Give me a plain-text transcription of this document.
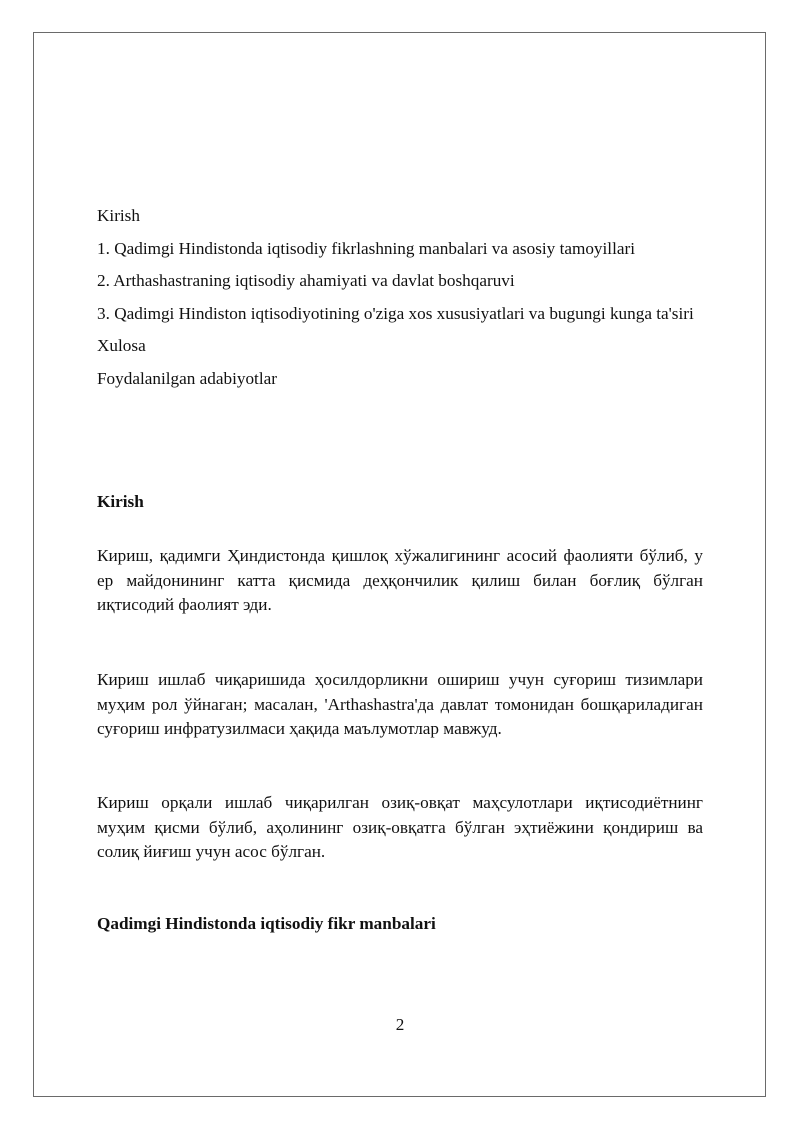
Kirish

1. Qadimgi Hindistonda iqtisodiy fikrlashning manbalari va asosiy tamoyillari

2. Arthashastraning iqtisodiy ahamiyati va davlat boshqaruvi

3. Qadimgi Hindiston iqtisodiyotining o'ziga xos xususiyatlari va bugungi kunga ta'siri

Xulosa

Foydalanilgan adabiyotlar

Kirish

Кириш, қадимги Ҳиндистонда қишлоқ хўжалигининг асосий фаолияти бўлиб, у ер майдонининг катта қисмида деҳқончилик қилиш билан боғлиқ бўлган иқтисодий фаолият эди.

Кириш ишлаб чиқаришида ҳосилдорликни ошириш учун суғориш тизимлари муҳим рол ўйнаган; масалан, 'Arthashastra'да давлат томонидан бошқариладиган суғориш инфратузилмаси ҳақида маълумотлар мавжуд.

Кириш орқали ишлаб чиқарилган озиқ-овқат маҳсулотлари иқтисодиётнинг муҳим қисми бўлиб, аҳолининг озиқ-овқатга бўлган эҳтиёжини қондириш ва солиқ йиғиш учун асос бўлган.

Qadimgi Hindistonda iqtisodiy fikr manbalari

2
